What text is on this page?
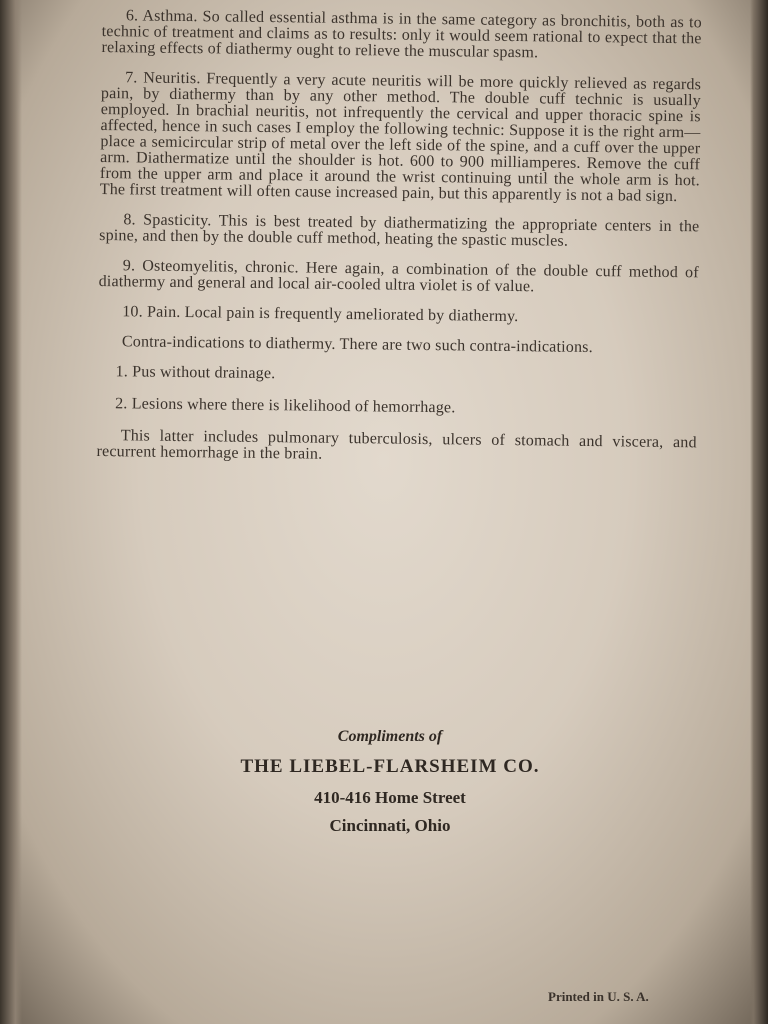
6. Asthma. So called essential asthma is in the same category as bronchitis, both as to technic of treatment and claims as to results: only it would seem rational to expect that the relaxing effects of diathermy ought to relieve the muscular spasm.

7. Neuritis. Frequently a very acute neuritis will be more quickly relieved as regards pain, by diathermy than by any other method. The double cuff technic is usually employed. In brachial neuritis, not infrequently the cervical and upper thoracic spine is affected, hence in such cases I employ the following technic: Suppose it is the right arm—place a semicircular strip of metal over the left side of the spine, and a cuff over the upper arm. Diathermatize until the shoulder is hot. 600 to 900 milliamperes. Remove the cuff from the upper arm and place it around the wrist continuing until the whole arm is hot. The first treatment will often cause increased pain, but this apparently is not a bad sign.

8. Spasticity. This is best treated by diathermatizing the appropriate centers in the spine, and then by the double cuff method, heating the spastic muscles.

9. Osteomyelitis, chronic. Here again, a combination of the double cuff method of diathermy and general and local air-cooled ultra violet is of value.

10. Pain. Local pain is frequently ameliorated by diathermy.

Contra-indications to diathermy. There are two such contra-indications.

1. Pus without drainage.

2. Lesions where there is likelihood of hemorrhage.

This latter includes pulmonary tuberculosis, ulcers of stomach and viscera, and recurrent hemorrhage in the brain.

Compliments of
THE LIEBEL-FLARSHEIM CO.
410-416 Home Street
Cincinnati, Ohio
Printed in U. S. A.
